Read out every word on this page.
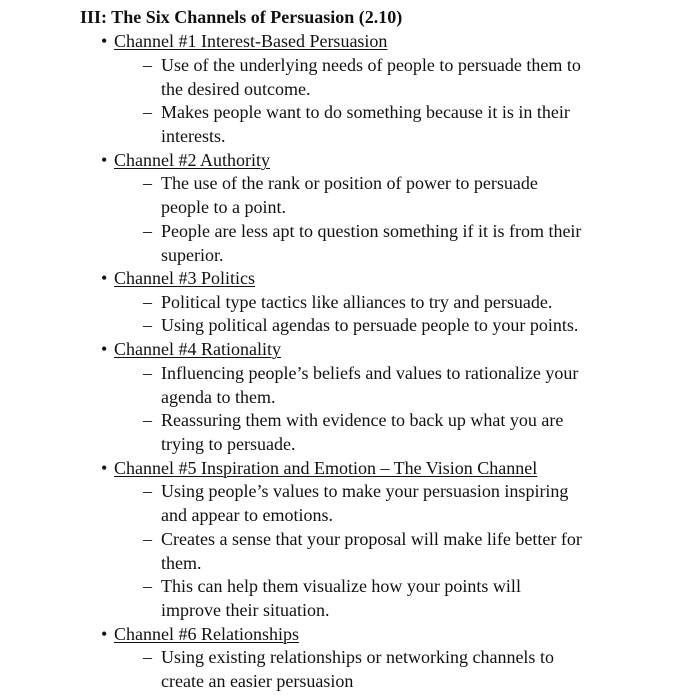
III: The Six Channels of Persuasion (2.10)
• Channel #1 Interest-Based Persuasion
– Use of the underlying needs of people to persuade them to
the desired outcome.
– Makes people want to do something because it is in their
interests.
• Channel #2 Authority
– The use of the rank or position of power to persuade
people to a point.
– People are less apt to question something if it is from their
superior.
• Channel #3 Politics
– Political type tactics like alliances to try and persuade.
– Using political agendas to persuade people to your points.
• Channel #4 Rationality
– Influencing people’s beliefs and values to rationalize your
agenda to them.
– Reassuring them with evidence to back up what you are
trying to persuade.
• Channel #5 Inspiration and Emotion – The Vision Channel
– Using people’s values to make your persuasion inspiring
and appear to emotions.
– Creates a sense that your proposal will make life better for
them.
– This can help them visualize how your points will
improve their situation.
• Channel #6 Relationships
– Using existing relationships or networking channels to
create an easier persuasion
